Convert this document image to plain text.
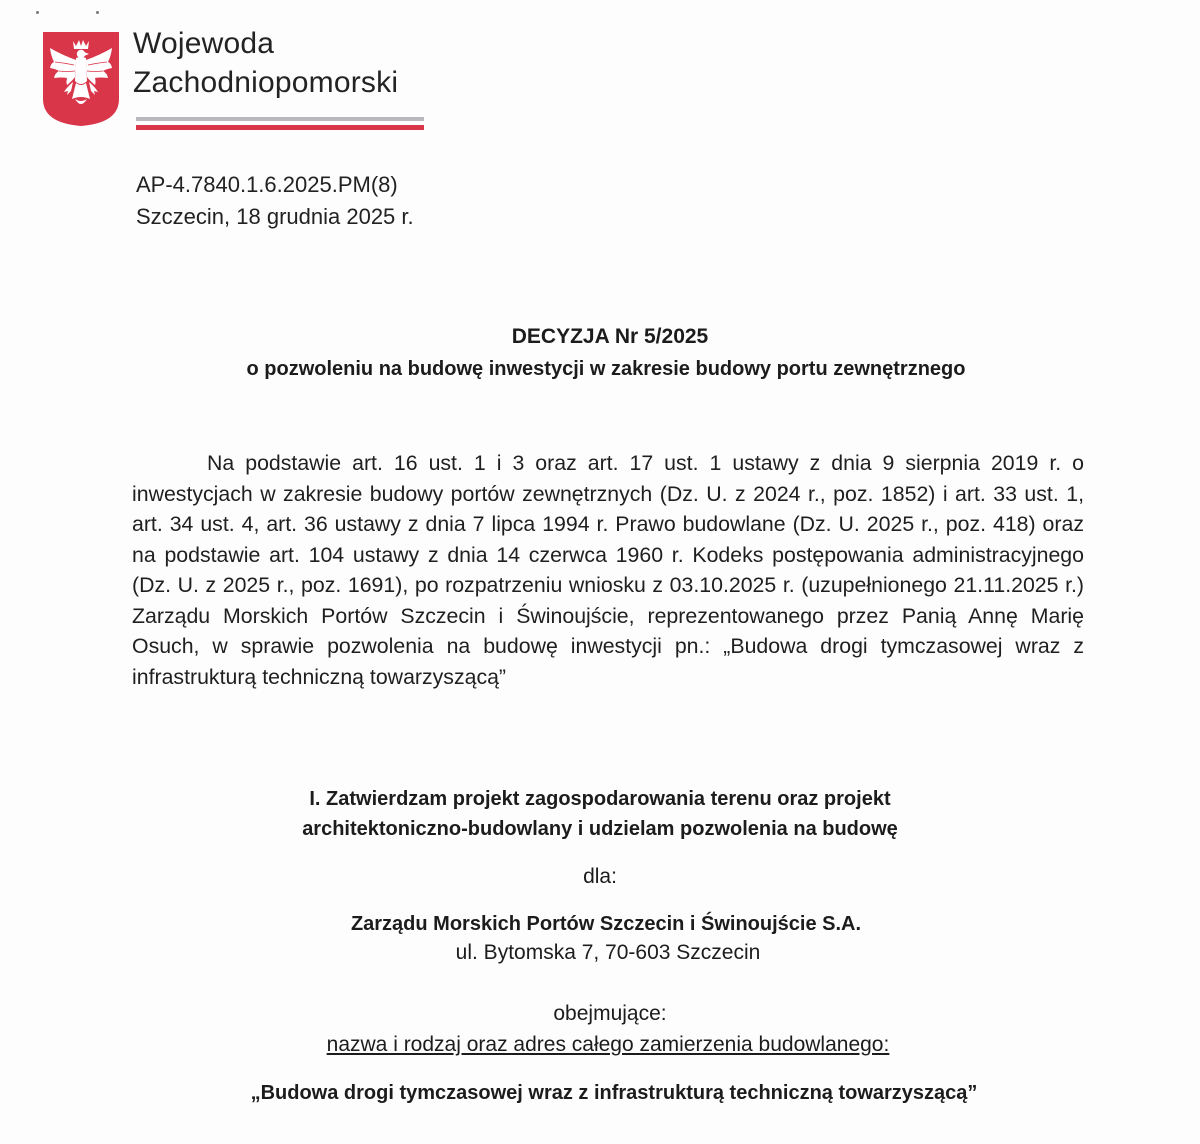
Wojewoda
Zachodniopomorski
AP-4.7840.1.6.2025.PM(8)
Szczecin, 18 grudnia 2025 r.
DECYZJA Nr 5/2025
o pozwoleniu na budowę inwestycji w zakresie budowy portu zewnętrznego
Na podstawie art. 16 ust. 1 i 3 oraz art. 17 ust. 1 ustawy z dnia 9 sierpnia 2019 r. o inwestycjach w zakresie budowy portów zewnętrznych (Dz. U. z 2024 r., poz. 1852) i art. 33 ust. 1, art. 34 ust. 4, art. 36 ustawy z dnia 7 lipca 1994 r. Prawo budowlane (Dz. U. 2025 r., poz. 418) oraz na podstawie art. 104 ustawy z dnia 14 czerwca 1960 r. Kodeks postępowania administracyjnego (Dz. U. z 2025 r., poz. 1691), po rozpatrzeniu wniosku z 03.10.2025 r. (uzupełnionego 21.11.2025 r.) Zarządu Morskich Portów Szczecin i Świnoujście, reprezentowanego przez Panią Annę Marię Osuch, w sprawie pozwolenia na budowę inwestycji pn.: „Budowa drogi tymczasowej wraz z infrastrukturą techniczną towarzyszącą”
I. Zatwierdzam projekt zagospodarowania terenu oraz projekt
architektoniczno-budowlany i udzielam pozwolenia na budowę
dla:
Zarządu Morskich Portów Szczecin i Świnoujście S.A.
ul. Bytomska 7, 70-603 Szczecin
obejmujące:
nazwa i rodzaj oraz adres całego zamierzenia budowlanego:
„Budowa drogi tymczasowej wraz z infrastrukturą techniczną towarzyszącą”
